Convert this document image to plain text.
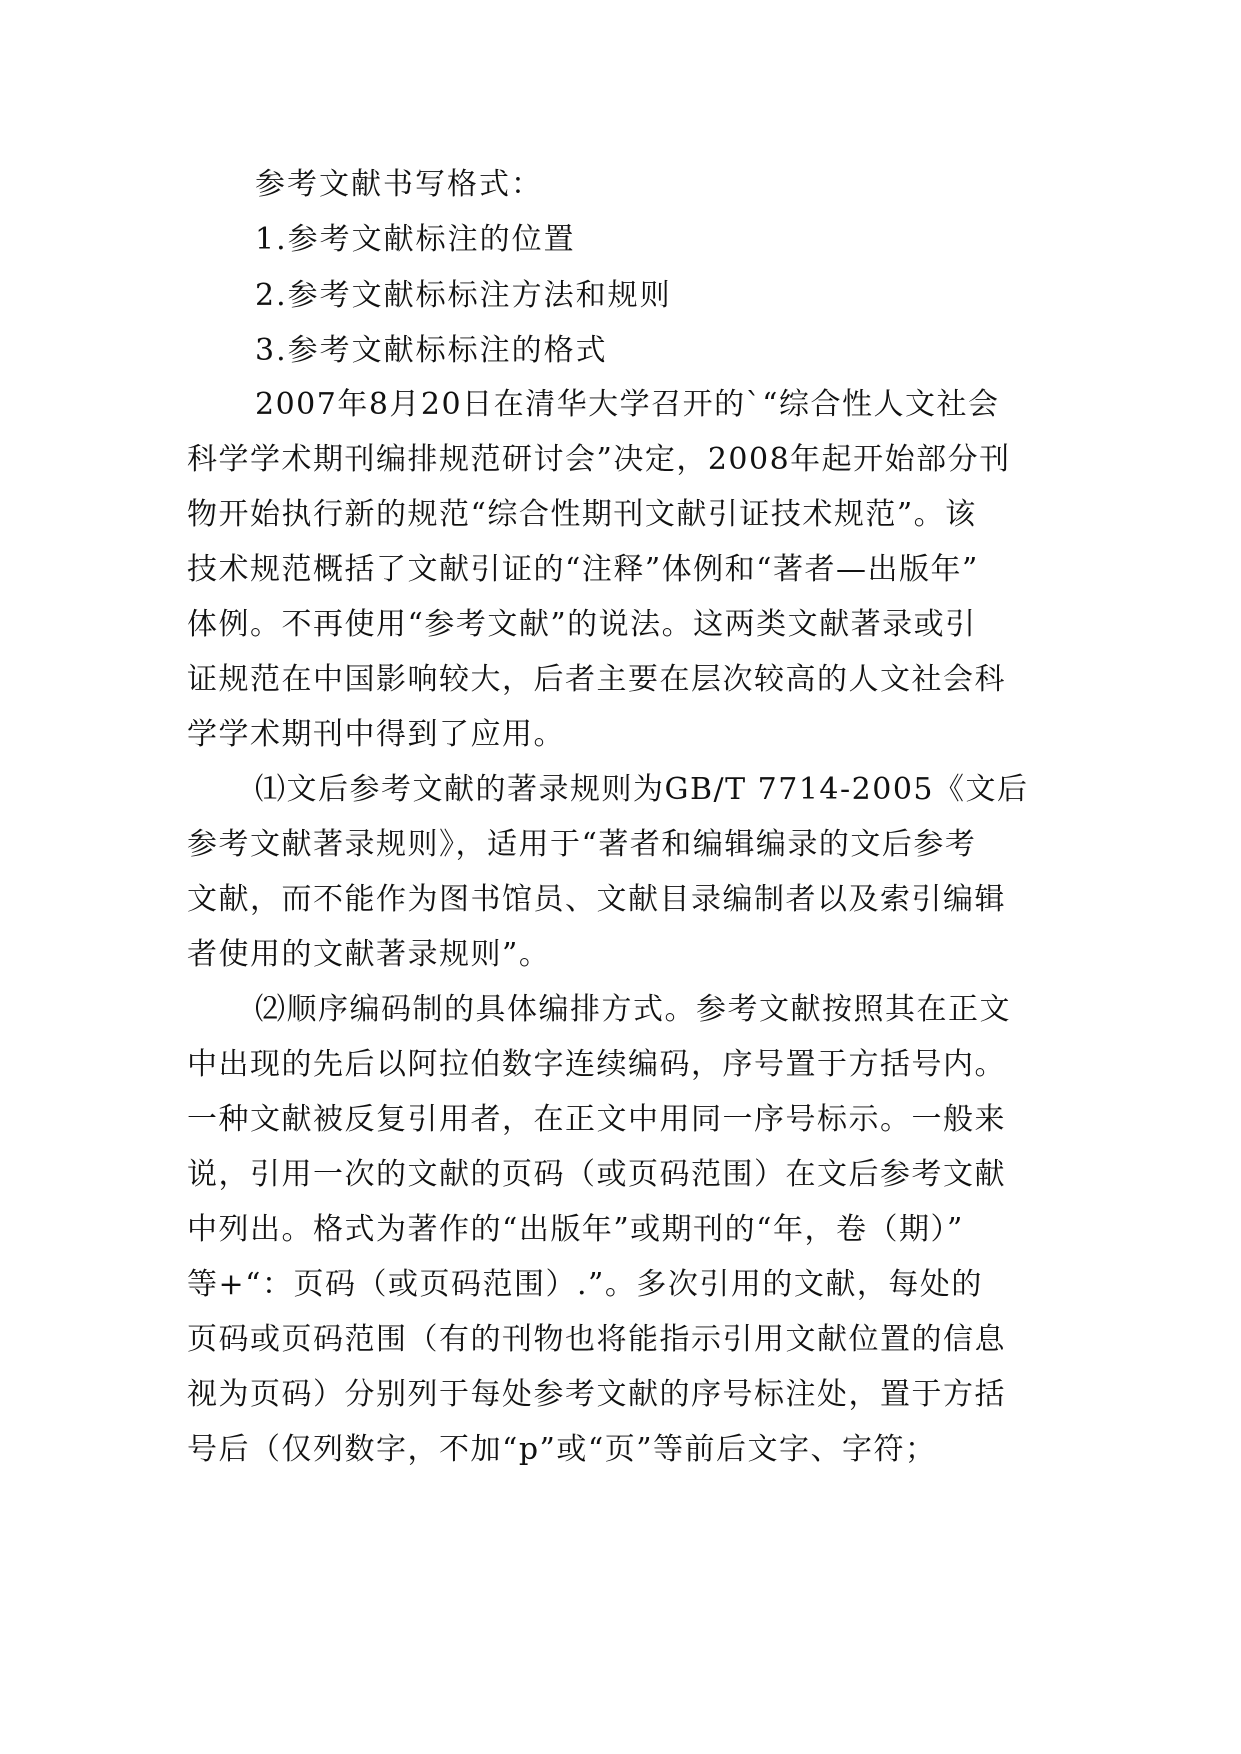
参考文献书写格式：
1.参考文献标注的位置
2.参考文献标标注方法和规则
3.参考文献标标注的格式
2007年8月20日在清华大学召开的`“综合性人文社会
科学学术期刊编排规范研讨会”决定，2008年起开始部分刊
物开始执行新的规范“综合性期刊文献引证技术规范”。该
技术规范概括了文献引证的“注释”体例和“著者—出版年”
体例。不再使用“参考文献”的说法。这两类文献著录或引
证规范在中国影响较大，后者主要在层次较高的人文社会科
学学术期刊中得到了应用。
⑴文后参考文献的著录规则为GB/T 7714-2005《文后
参考文献著录规则》，适用于“著者和编辑编录的文后参考
文献，而不能作为图书馆员、文献目录编制者以及索引编辑
者使用的文献著录规则”。
⑵顺序编码制的具体编排方式。参考文献按照其在正文
中出现的先后以阿拉伯数字连续编码，序号置于方括号内。
一种文献被反复引用者，在正文中用同一序号标示。一般来
说，引用一次的文献的页码（或页码范围）在文后参考文献
中列出。格式为著作的“出版年”或期刊的“年，卷（期）”
等+“：页码（或页码范围）.”。多次引用的文献，每处的
页码或页码范围（有的刊物也将能指示引用文献位置的信息
视为页码）分别列于每处参考文献的序号标注处，置于方括
号后（仅列数字，不加“p”或“页”等前后文字、字符；
